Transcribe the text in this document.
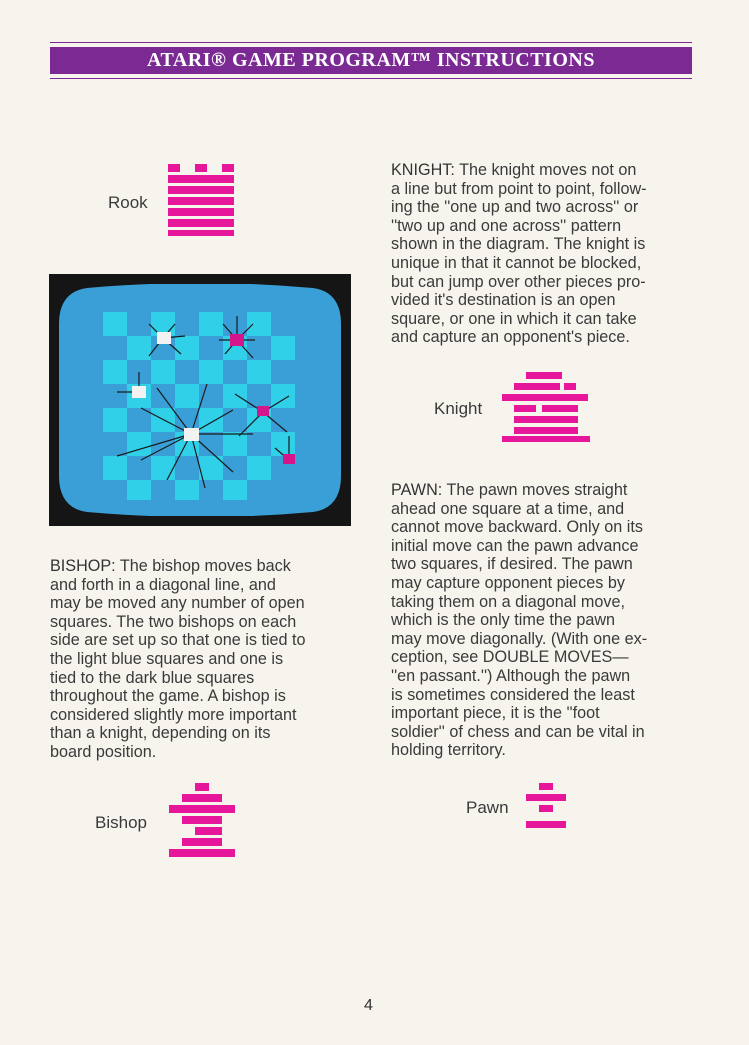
ATARI® GAME PROGRAM™ INSTRUCTIONS
Rook
KNIGHT: The knight moves not on
a line but from point to point, follow-
ing the ''one up and two across'' or
''two up and one across'' pattern
shown in the diagram. The knight is
unique in that it cannot be blocked,
but can jump over other pieces pro-
vided it's destination is an open
square, or one in which it can take
and capture an opponent's piece.
Knight
PAWN: The pawn moves straight
ahead one square at a time, and
cannot move backward. Only on its
initial move can the pawn advance
two squares, if desired. The pawn
may capture opponent pieces by
taking them on a diagonal move,
which is the only time the pawn
may move diagonally. (With one ex-
ception, see DOUBLE MOVES—
''en passant.'') Although the pawn
is sometimes considered the least
important piece, it is the ''foot
soldier'' of chess and can be vital in
holding territory.
BISHOP: The bishop moves back
and forth in a diagonal line, and
may be moved any number of open
squares. The two bishops on each
side are set up so that one is tied to
the light blue squares and one is
tied to the dark blue squares
throughout the game. A bishop is
considered slightly more important
than a knight, depending on its
board position.
Bishop
Pawn
4
